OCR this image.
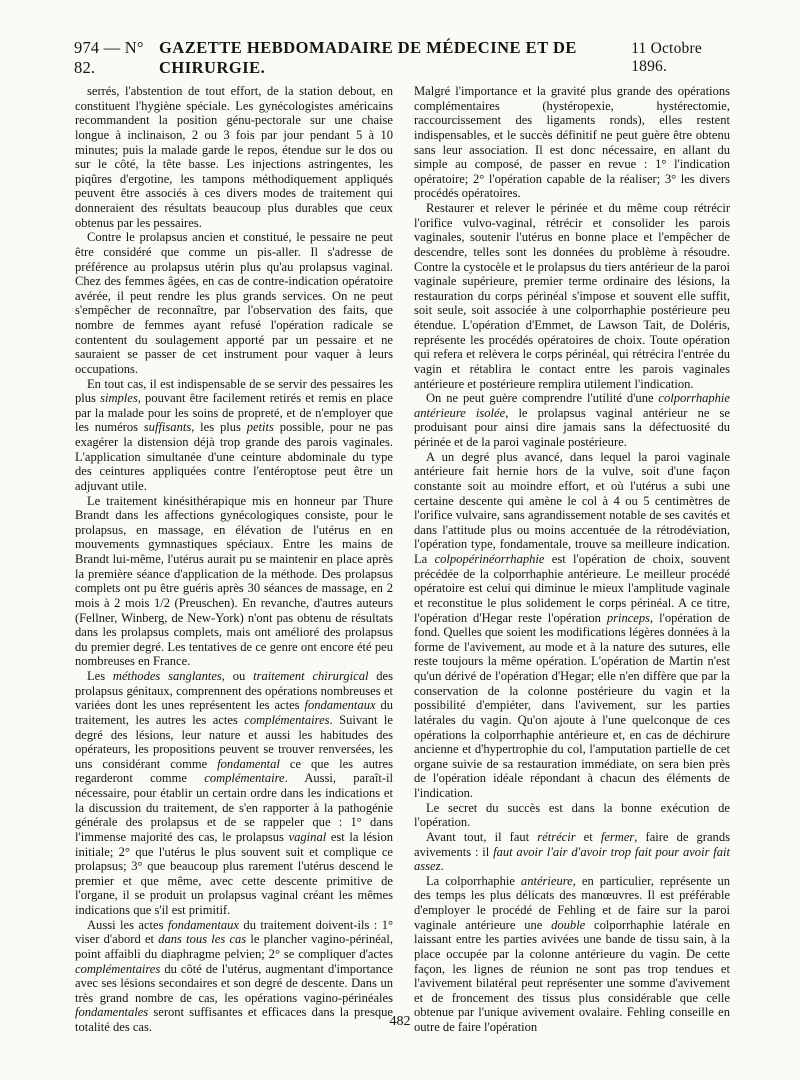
974 — N° 82.
GAZETTE HEBDOMADAIRE DE MÉDECINE ET DE CHIRURGIE.
11 Octobre 1896.

serrés, l'abstention de tout effort, de la station debout, en constituent l'hygiène spéciale. Les gynécologistes américains recommandent la position génu-pectorale sur une chaise longue à inclinaison, 2 ou 3 fois par jour pendant 5 à 10 minutes; puis la malade garde le repos, étendue sur le dos ou sur le côté, la tête basse. Les injections astringentes, les piqûres d'ergotine, les tampons méthodiquement appliqués peuvent être associés à ces divers modes de traitement qui donneraient des résultats beaucoup plus durables que ceux obtenus par les pessaires.

Contre le prolapsus ancien et constitué, le pessaire ne peut être considéré que comme un pis-aller. Il s'adresse de préférence au prolapsus utérin plus qu'au prolapsus vaginal. Chez des femmes âgées, en cas de contre-indication opératoire avérée, il peut rendre les plus grands services. On ne peut s'empêcher de reconnaître, par l'observation des faits, que nombre de femmes ayant refusé l'opération radicale se contentent du soulagement apporté par un pessaire et ne sauraient se passer de cet instrument pour vaquer à leurs occupations.

En tout cas, il est indispensable de se servir des pessaires les plus simples, pouvant être facilement retirés et remis en place par la malade pour les soins de propreté, et de n'employer que les numéros suffisants, les plus petits possible, pour ne pas exagérer la distension déjà trop grande des parois vaginales. L'application simultanée d'une ceinture abdominale du type des ceintures appliquées contre l'entéroptose peut être un adjuvant utile.

Le traitement kinésithérapique mis en honneur par Thure Brandt dans les affections gynécologiques consiste, pour le prolapsus, en massage, en élévation de l'utérus en en mouvements gymnastiques spéciaux. Entre les mains de Brandt lui-même, l'utérus aurait pu se maintenir en place après la première séance d'application de la méthode. Des prolapsus complets ont pu être guéris après 30 séances de massage, en 2 mois à 2 mois 1/2 (Preuschen). En revanche, d'autres auteurs (Fellner, Winberg, de New-York) n'ont pas obtenu de résultats dans les prolapsus complets, mais ont amélioré des prolapsus du premier degré. Les tentatives de ce genre ont encore été peu nombreuses en France.

Les méthodes sanglantes, ou traitement chirurgical des prolapsus génitaux, comprennent des opérations nombreuses et variées dont les unes représentent les actes fondamentaux du traitement, les autres les actes complémentaires. Suivant le degré des lésions, leur nature et aussi les habitudes des opérateurs, les propositions peuvent se trouver renversées, les uns considérant comme fondamental ce que les autres regarderont comme complémentaire. Aussi, paraît-il nécessaire, pour établir un certain ordre dans les indications et la discussion du traitement, de s'en rapporter à la pathogénie générale des prolapsus et de se rappeler que : 1° dans l'immense majorité des cas, le prolapsus vaginal est la lésion initiale; 2° que l'utérus le plus souvent suit et complique ce prolapsus; 3° que beaucoup plus rarement l'utérus descend le premier et que même, avec cette descente primitive de l'organe, il se produit un prolapsus vaginal créant les mêmes indications que s'il est primitif.

Aussi les actes fondamentaux du traitement doivent-ils : 1° viser d'abord et dans tous les cas le plancher vagino-périnéal, point affaibli du diaphragme pelvien; 2° se compliquer d'actes complémentaires du côté de l'utérus, augmentant d'importance avec ses lésions secondaires et son degré de descente. Dans un très grand nombre de cas, les opérations vagino-périnéales fondamentales seront suffisantes et efficaces dans la presque totalité des cas.

Malgré l'importance et la gravité plus grande des opérations complémentaires (hystéropexie, hystérectomie, raccourcissement des ligaments ronds), elles restent indispensables, et le succès définitif ne peut guère être obtenu sans leur association. Il est donc nécessaire, en allant du simple au composé, de passer en revue : 1° l'indication opératoire; 2° l'opération capable de la réaliser; 3° les divers procédés opératoires.

Restaurer et relever le périnée et du même coup rétrécir l'orifice vulvo-vaginal, rétrécir et consolider les parois vaginales, soutenir l'utérus en bonne place et l'empêcher de descendre, telles sont les données du problème à résoudre. Contre la cystocèle et le prolapsus du tiers antérieur de la paroi vaginale supérieure, premier terme ordinaire des lésions, la restauration du corps périnéal s'impose et souvent elle suffit, soit seule, soit associée à une colporrhaphie postérieure peu étendue. L'opération d'Emmet, de Lawson Tait, de Doléris, représente les procédés opératoires de choix. Toute opération qui refera et relèvera le corps périnéal, qui rétrécira l'entrée du vagin et rétablira le contact entre les parois vaginales antérieure et postérieure remplira utilement l'indication.

On ne peut guère comprendre l'utilité d'une colporrhaphie antérieure isolée, le prolapsus vaginal antérieur ne se produisant pour ainsi dire jamais sans la défectuosité du périnée et de la paroi vaginale postérieure.

A un degré plus avancé, dans lequel la paroi vaginale antérieure fait hernie hors de la vulve, soit d'une façon constante soit au moindre effort, et où l'utérus a subi une certaine descente qui amène le col à 4 ou 5 centimètres de l'orifice vulvaire, sans agrandissement notable de ses cavités et dans l'attitude plus ou moins accentuée de la rétrodéviation, l'opération type, fondamentale, trouve sa meilleure indication. La colpopérinéorrhaphie est l'opération de choix, souvent précédée de la colporrhaphie antérieure. Le meilleur procédé opératoire est celui qui diminue le mieux l'amplitude vaginale et reconstitue le plus solidement le corps périnéal. A ce titre, l'opération d'Hegar reste l'opération princeps, l'opération de fond. Quelles que soient les modifications légères données à la forme de l'avivement, au mode et à la nature des sutures, elle reste toujours la même opération. L'opération de Martin n'est qu'un dérivé de l'opération d'Hegar; elle n'en diffère que par la conservation de la colonne postérieure du vagin et la possibilité d'empiéter, dans l'avivement, sur les parties latérales du vagin. Qu'on ajoute à l'une quelconque de ces opérations la colporrhaphie antérieure et, en cas de déchirure ancienne et d'hypertrophie du col, l'amputation partielle de cet organe suivie de sa restauration immédiate, on sera bien près de l'opération idéale répondant à chacun des éléments de l'indication.

Le secret du succès est dans la bonne exécution de l'opération.

Avant tout, il faut rétrécir et fermer, faire de grands avivements : il faut avoir l'air d'avoir trop fait pour avoir fait assez.

La colporrhaphie antérieure, en particulier, représente un des temps les plus délicats des manœuvres. Il est préférable d'employer le procédé de Fehling et de faire sur la paroi vaginale antérieure une double colporrhaphie latérale en laissant entre les parties avivées une bande de tissu sain, à la place occupée par la colonne antérieure du vagin. De cette façon, les lignes de réunion ne sont pas trop tendues et l'avivement bilatéral peut représenter une somme d'avivement et de froncement des tissus plus considérable que celle obtenue par l'unique avivement ovalaire. Fehling conseille en outre de faire l'opération

482
